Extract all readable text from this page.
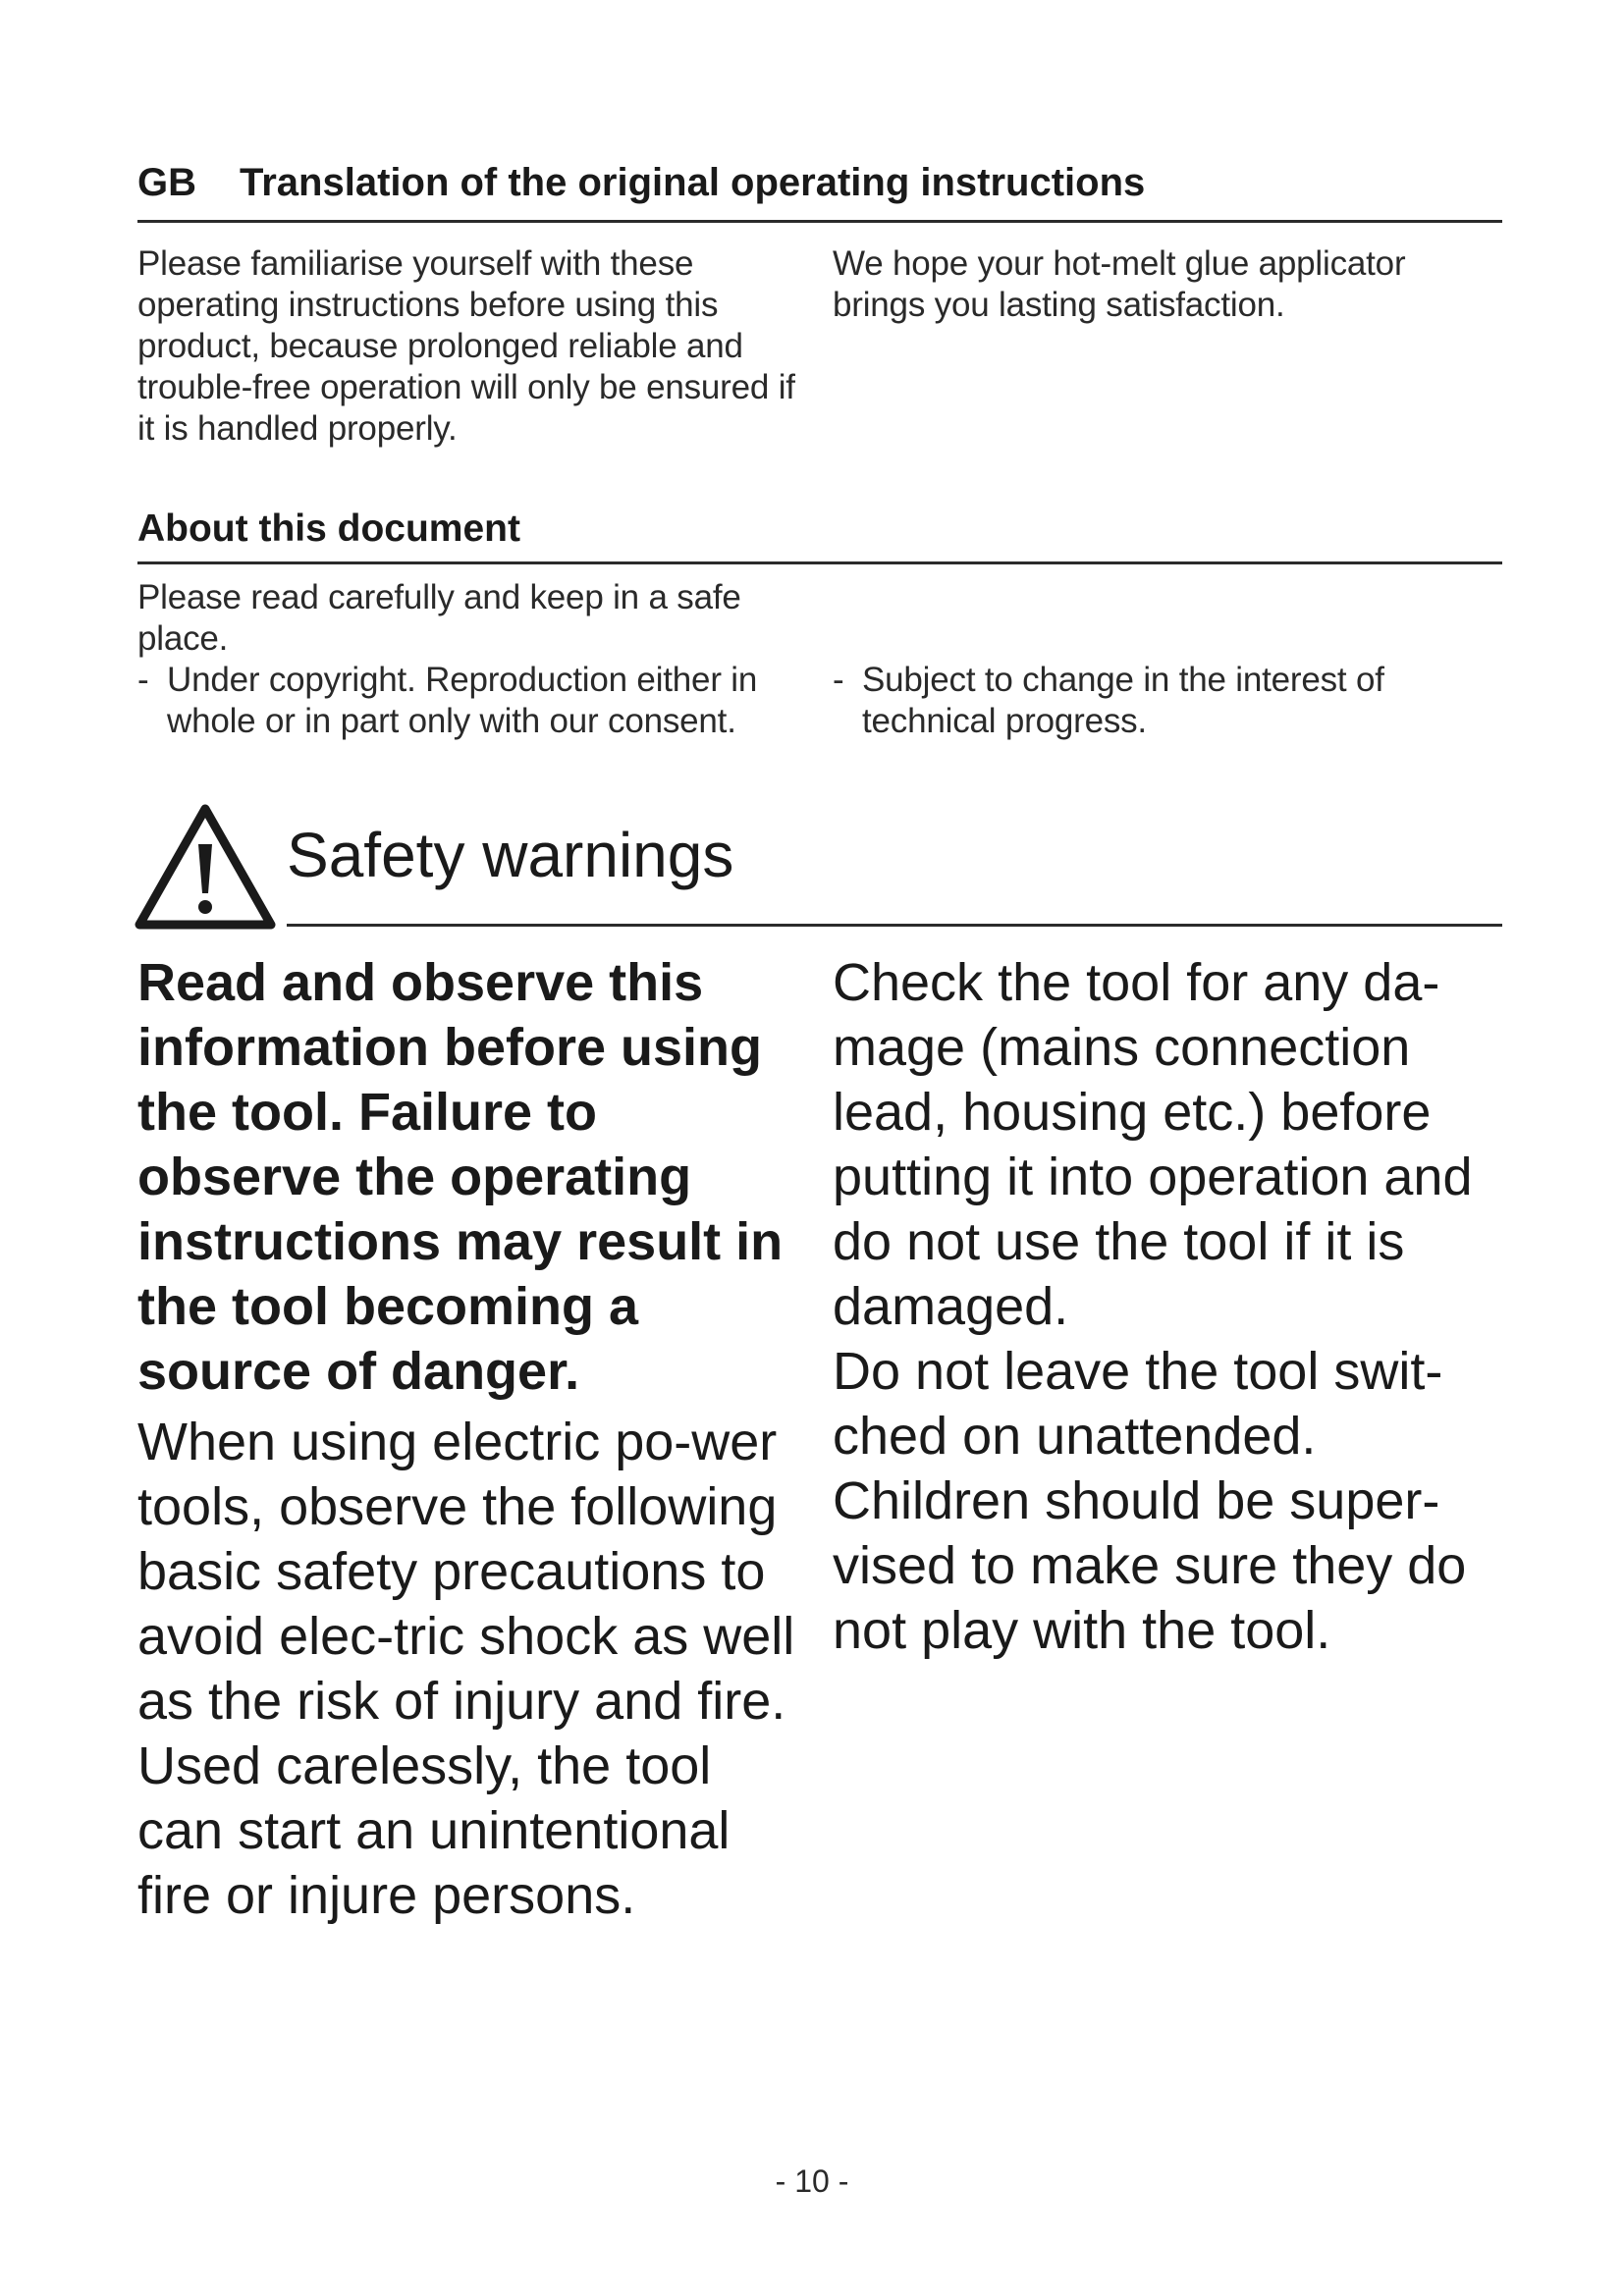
GB Translation of the original operating instructions

Please familiarise yourself with these operating instructions before using this product, because prolonged reliable and trouble-free operation will only be ensured if it is handled properly.

We hope your hot-melt glue applicator brings you lasting satisfaction.

About this document

Please read carefully and keep in a safe place.

- Under copyright. Reproduction either in whole or in part only with our consent.
- Subject to change in the interest of technical progress.
Safety warnings
Read and observe this information before using the tool. Failure to observe the operating instructions may result in the tool becoming a source of danger.
When using electric po-wer tools, observe the following basic safety precautions to avoid elec-tric shock as well as the risk of injury and fire. Used carelessly, the tool can start an unintentional fire or injure persons.
Check the tool for any da-mage (mains connection lead, housing etc.) before putting it into operation and do not use the tool if it is damaged.
Do not leave the tool swit-ched on unattended.
Children should be super-vised to make sure they do not play with the tool.
- 10 -
